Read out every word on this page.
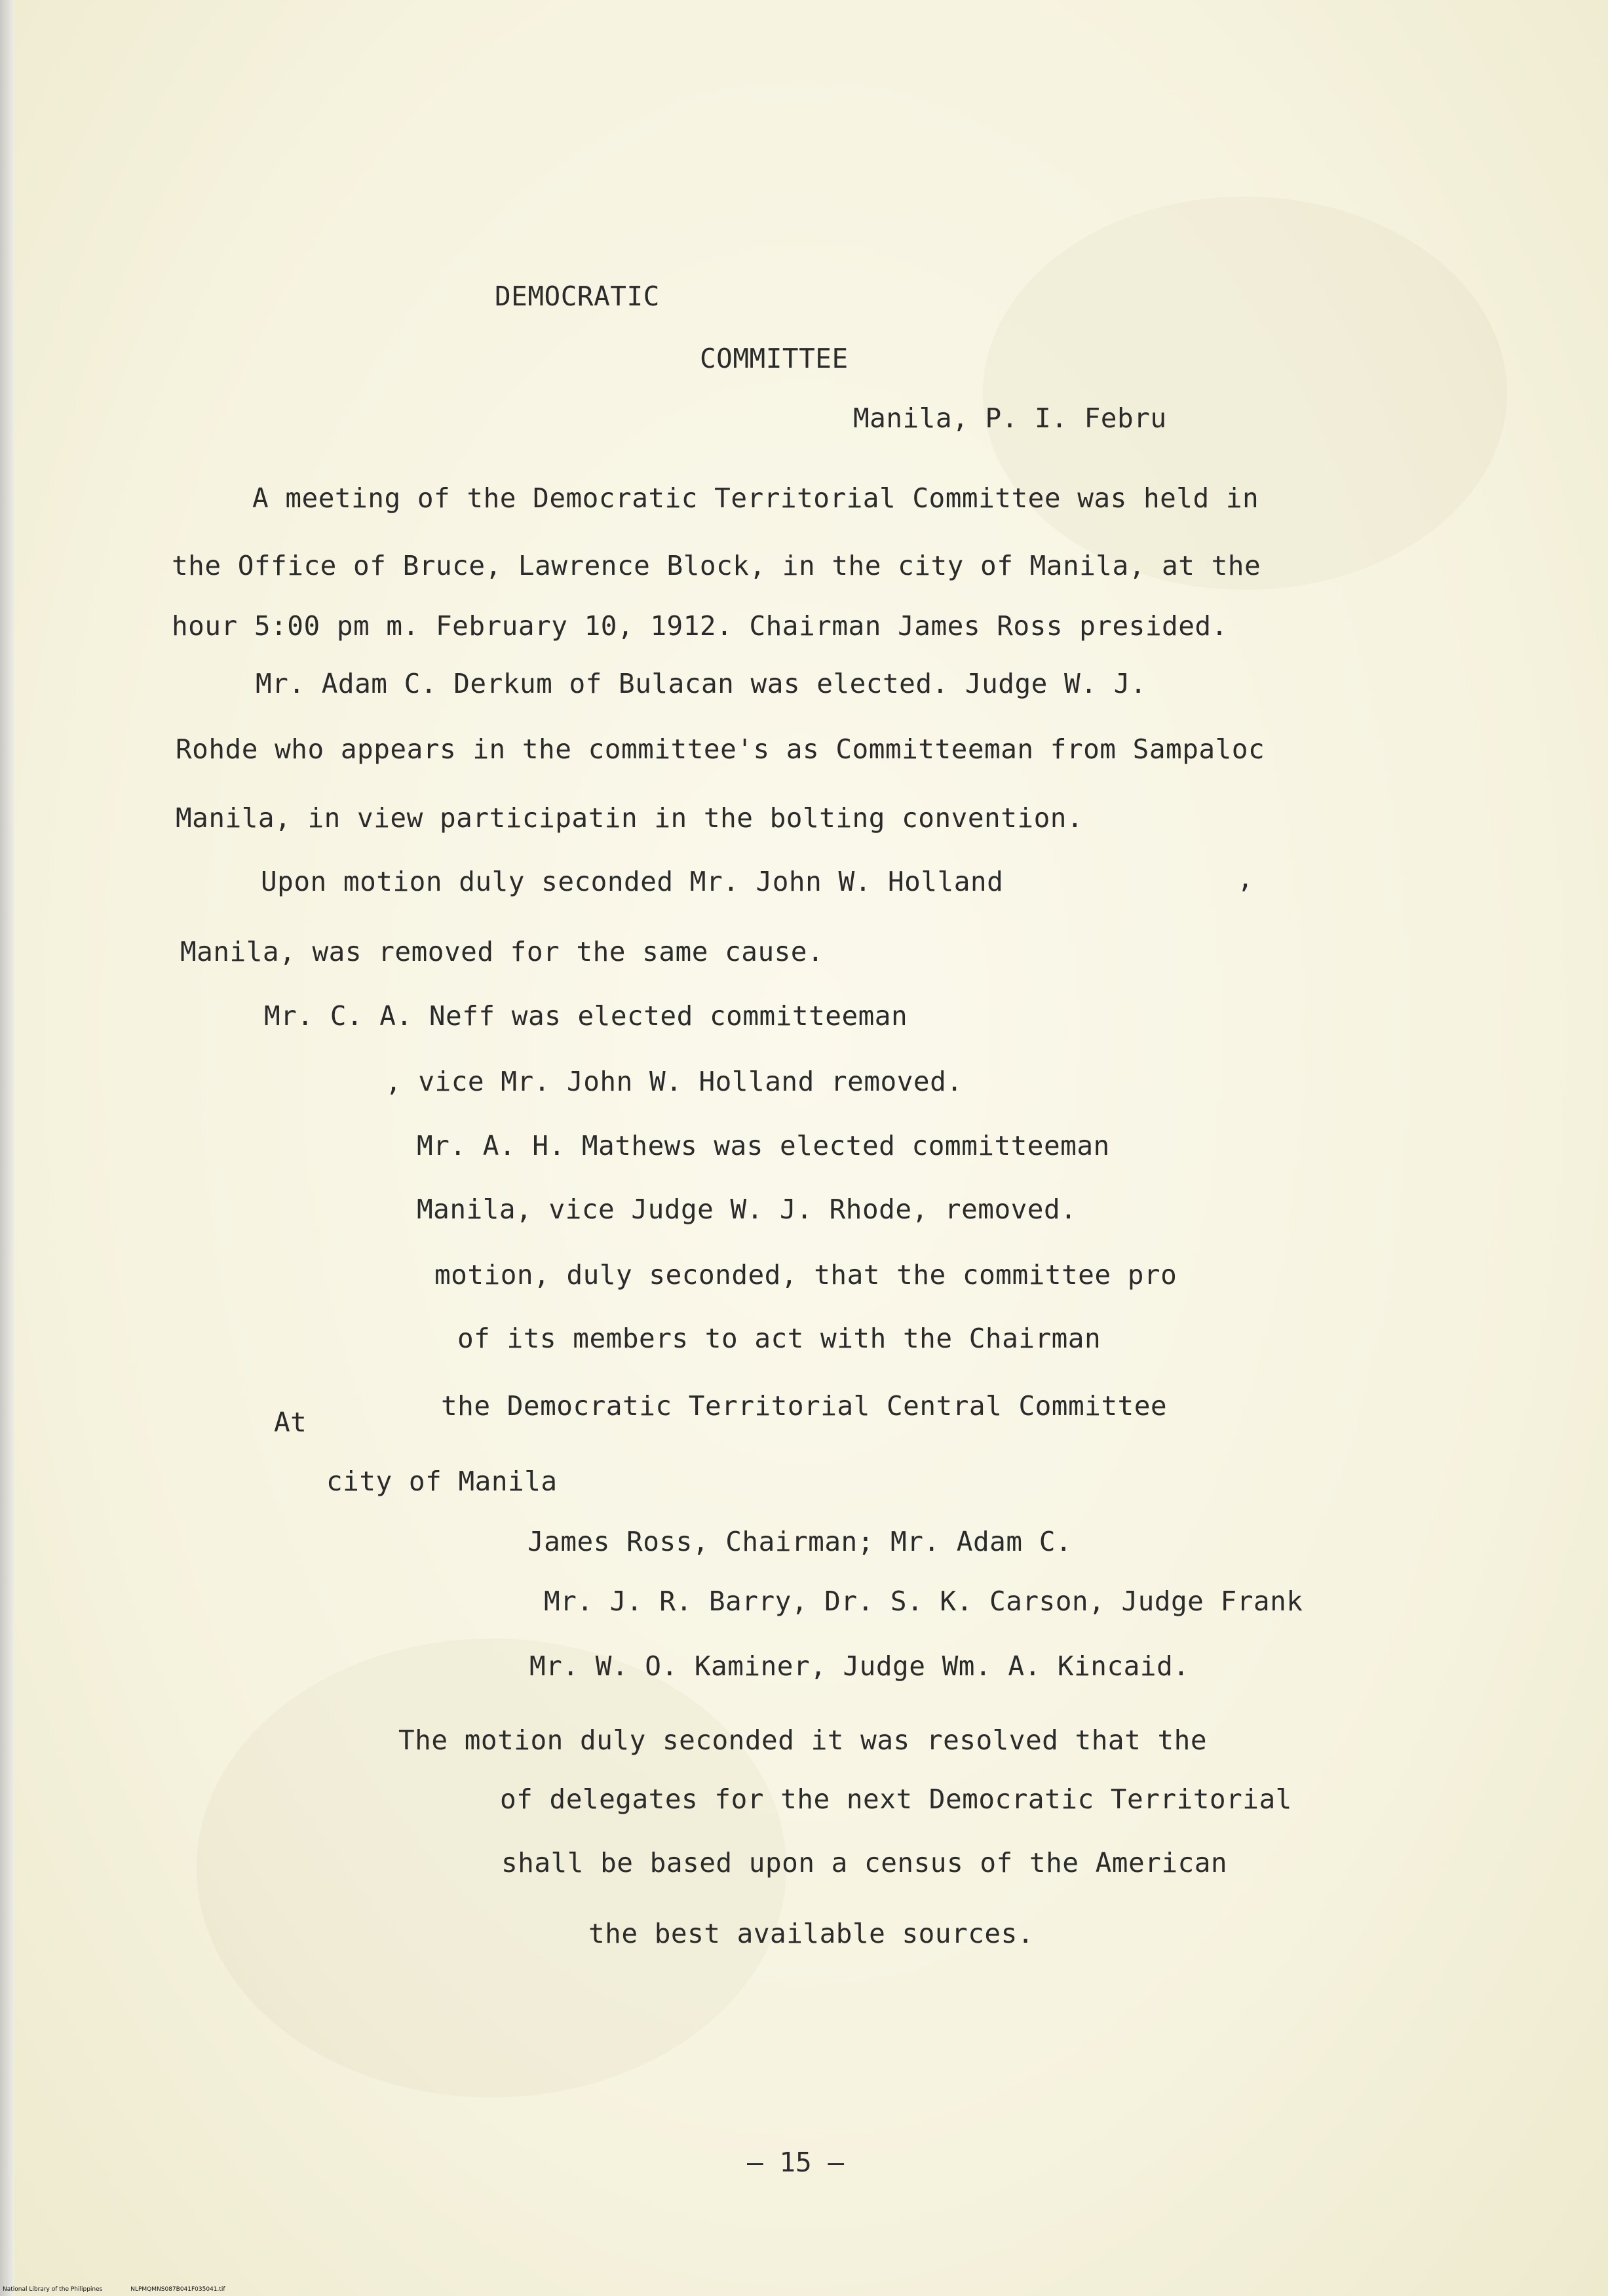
DEMOCRATIC

COMMITTEE

Manila, P. I. Febru

A meeting of the Democratic Territorial Committee was held in

the Office of Bruce, Lawrence Block, in the city of Manila, at the

hour 5:00 pm m. February 10, 1912. Chairman James Ross presided.

Mr. Adam C. Derkum of Bulacan was elected. Judge W. J.

Rohde who appears in the committee's as Committeeman from Sampaloc

Manila, in view participatin in the bolting convention.

Upon motion duly seconded Mr. John W. Holland	,

Manila, was removed for the same cause.

Mr. C. A. Neff was elected committeeman

, vice Mr. John W. Holland removed.

Mr. A. H. Mathews was elected committeeman

Manila, vice Judge W. J. Rhode, removed.

motion, duly seconded, that the committee pro

of its members to act with the Chairman

At

the Democratic Territorial Central Committee

city of Manila

James Ross, Chairman; Mr. Adam C.

Mr. J. R. Barry, Dr. S. K. Carson, Judge Frank

Mr. W. O. Kaminer, Judge Wm. A. Kincaid.

The motion duly seconded it was resolved that the

of delegates for the next Democratic Territorial

shall be based upon a census of the American

the best available sources.

— 15 —
National Library of the Philippines	NLPMQMNS087B041F035041.tif
